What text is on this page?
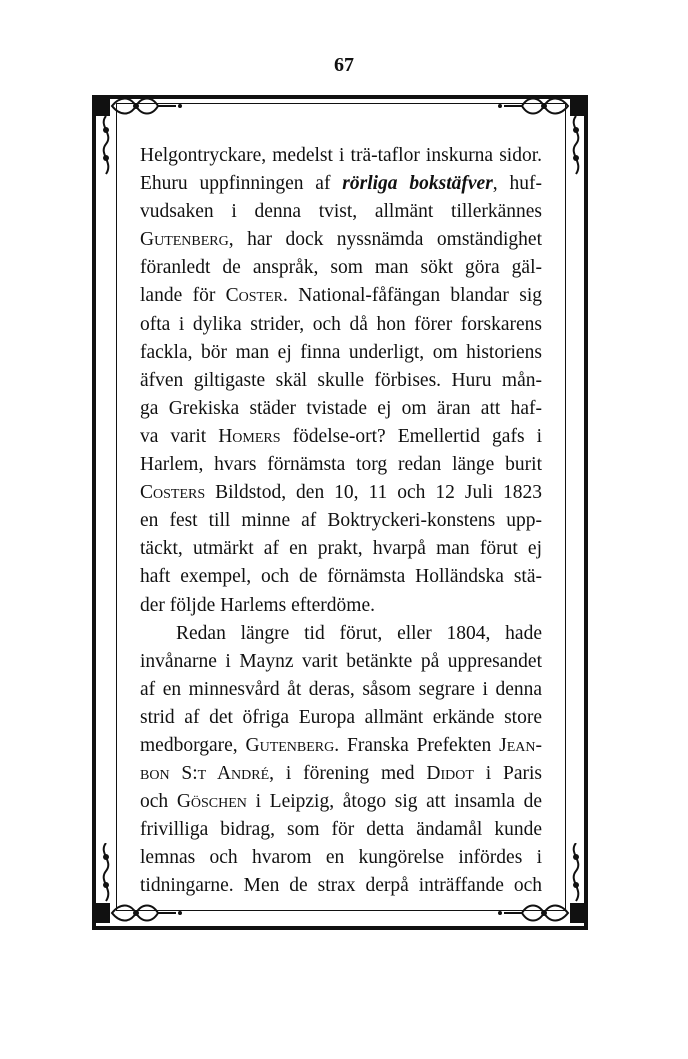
67
Helgontryckare, medelst i trä-taflor inskurna sidor.
Ehuru uppfinningen af rörliga bokstäfver, huf-
vudsaken i denna tvist, allmänt tillerkännes
Gutenberg, har dock nyssnämda omständighet
föranledt de anspråk, som man sökt göra gäl-
lande för Coster. National-fåfängan blandar sig
ofta i dylika strider, och då hon förer forskarens
fackla, bör man ej finna underligt, om historiens
äfven giltigaste skäl skulle förbises. Huru mån-
ga Grekiska städer tvistade ej om äran att haf-
va varit Homers födelse-ort? Emellertid gafs i
Harlem, hvars förnämsta torg redan länge burit
Costers Bildstod, den 10, 11 och 12 Juli 1823
en fest till minne af Boktryckeri-konstens upp-
täckt, utmärkt af en prakt, hvarpå man förut ej
haft exempel, och de förnämsta Holländska stä-
der följde Harlems efterdöme.
Redan längre tid förut, eller 1804, hade
invånarne i Maynz varit betänkte på uppresandet
af en minnesvård åt deras, såsom segrare i denna
strid af det öfriga Europa allmänt erkände store
medborgare, Gutenberg. Franska Prefekten Jean-
bon S:t André, i förening med Didot i Paris
och Göschen i Leipzig, åtogo sig att insamla de
frivilliga bidrag, som för detta ändamål kunde
lemnas och hvarom en kungörelse infördes i
tidningarne. Men de strax derpå inträffande och
